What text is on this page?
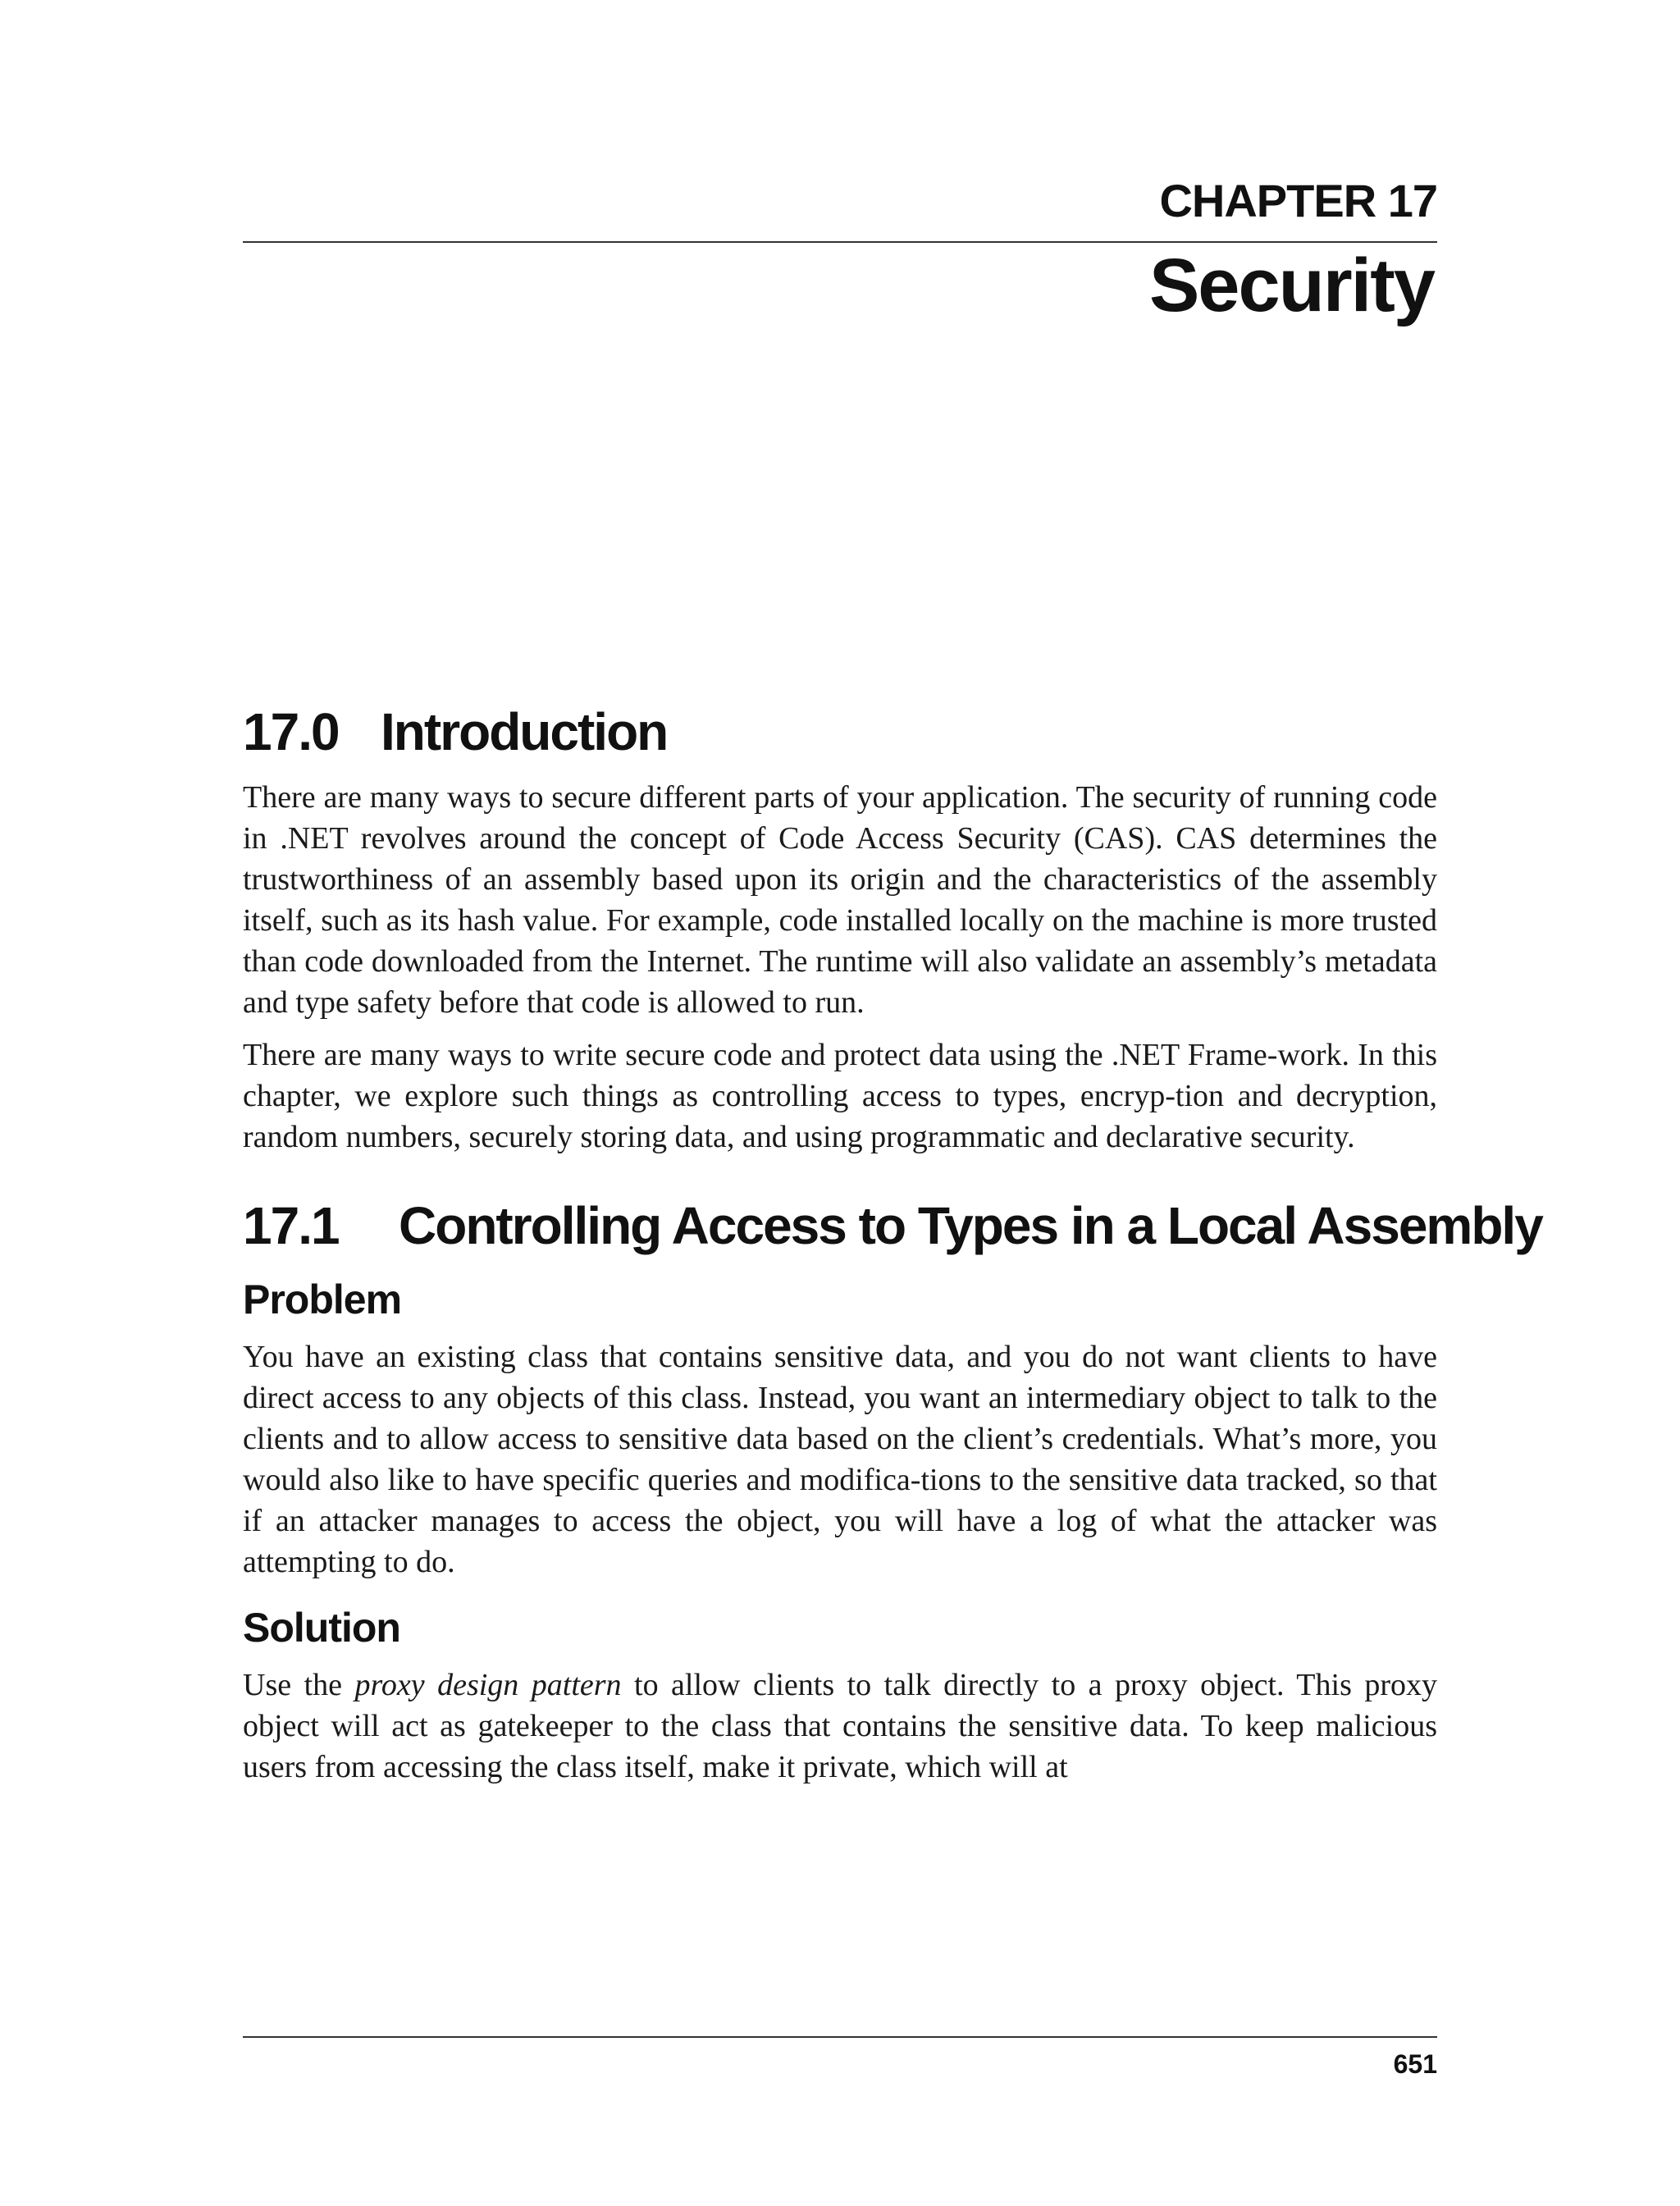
CHAPTER 17
Security
17.0 Introduction

There are many ways to secure different parts of your application. The security of running code in .NET revolves around the concept of Code Access Security (CAS). CAS determines the trustworthiness of an assembly based upon its origin and the characteristics of the assembly itself, such as its hash value. For example, code installed locally on the machine is more trusted than code downloaded from the Internet. The runtime will also validate an assembly’s metadata and type safety before that code is allowed to run.

There are many ways to write secure code and protect data using the .NET Frame-work. In this chapter, we explore such things as controlling access to types, encryp-tion and decryption, random numbers, securely storing data, and using programmatic and declarative security.

17.1 Controlling Access to Types in a Local Assembly
Problem

You have an existing class that contains sensitive data, and you do not want clients to have direct access to any objects of this class. Instead, you want an intermediary object to talk to the clients and to allow access to sensitive data based on the client’s credentials. What’s more, you would also like to have specific queries and modifica-tions to the sensitive data tracked, so that if an attacker manages to access the object, you will have a log of what the attacker was attempting to do.

Solution

Use the proxy design pattern to allow clients to talk directly to a proxy object. This proxy object will act as gatekeeper to the class that contains the sensitive data. To keep malicious users from accessing the class itself, make it private, which will at

651
